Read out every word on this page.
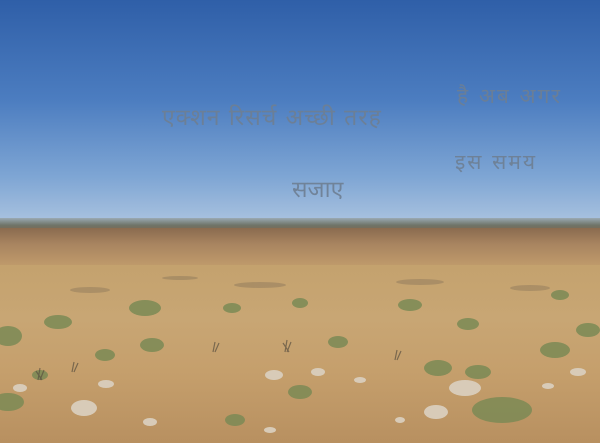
एक्शन रिसर्च अच्छी तरह

सजाए

है अब अगर

इस समय
